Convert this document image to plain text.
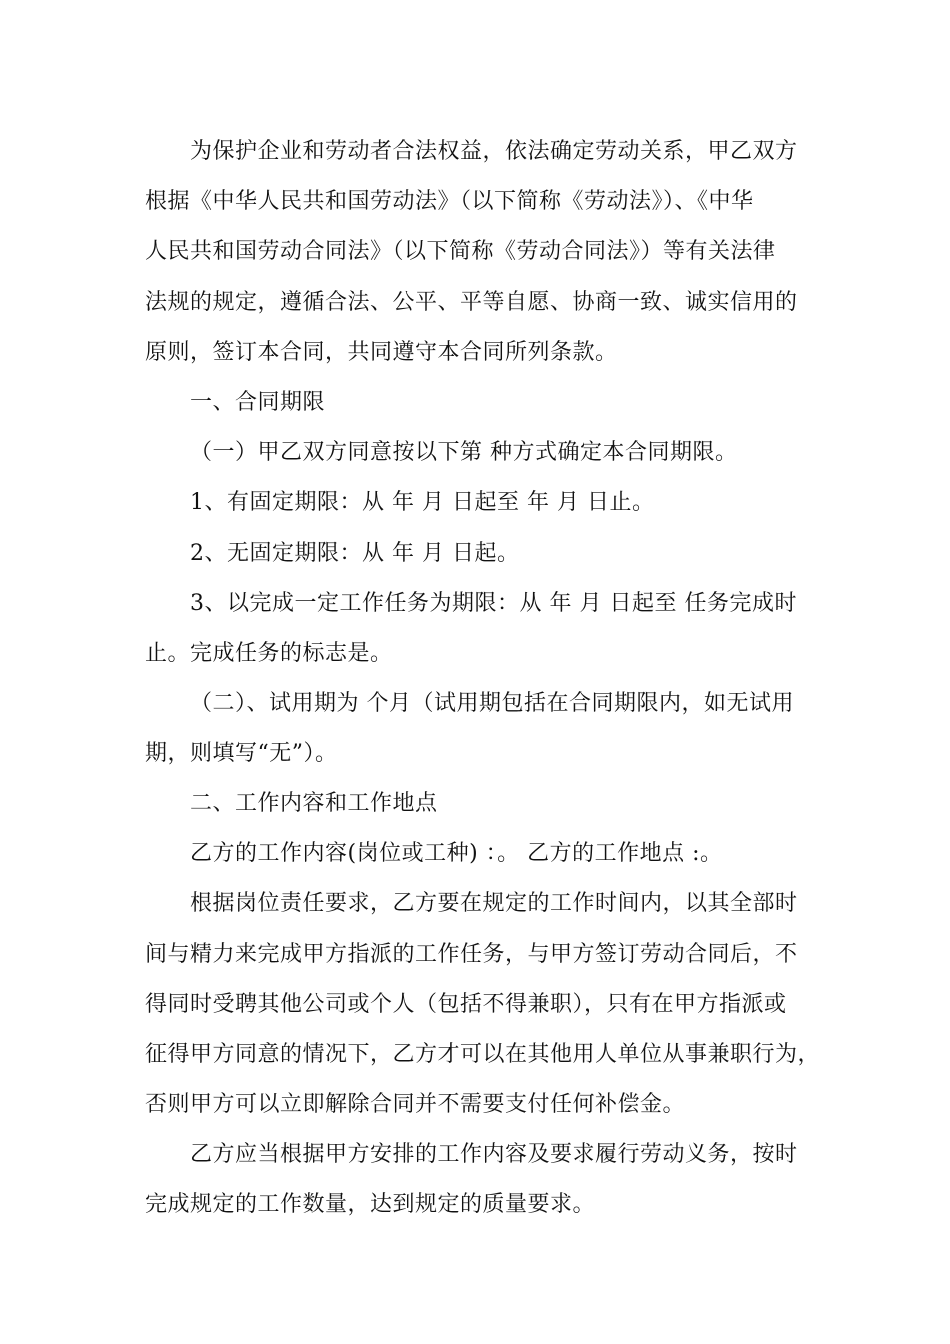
为保护企业和劳动者合法权益，依法确定劳动关系，甲乙双方
根据《中华人民共和国劳动法》（以下简称《劳动法》）、《中华
人民共和国劳动合同法》（以下简称《劳动合同法》）等有关法律
法规的规定，遵循合法、公平、平等自愿、协商一致、诚实信用的
原则，签订本合同，共同遵守本合同所列条款。
一、合同期限
（一）甲乙双方同意按以下第 种方式确定本合同期限。
1、有固定期限：从 年 月 日起至 年 月 日止。
2、无固定期限：从 年 月 日起。
3、以完成一定工作任务为期限：从 年 月 日起至 任务完成时
止。完成任务的标志是。
（二）、试用期为 个月（试用期包括在合同期限内，如无试用
期，则填写“无”）。
二、工作内容和工作地点
乙方的工作内容(岗位或工种) ：。 乙方的工作地点 :。
根据岗位责任要求，乙方要在规定的工作时间内，以其全部时
间与精力来完成甲方指派的工作任务，与甲方签订劳动合同后，不
得同时受聘其他公司或个人（包括不得兼职），只有在甲方指派或
征得甲方同意的情况下，乙方才可以在其他用人单位从事兼职行为，
否则甲方可以立即解除合同并不需要支付任何补偿金。
乙方应当根据甲方安排的工作内容及要求履行劳动义务，按时
完成规定的工作数量，达到规定的质量要求。
